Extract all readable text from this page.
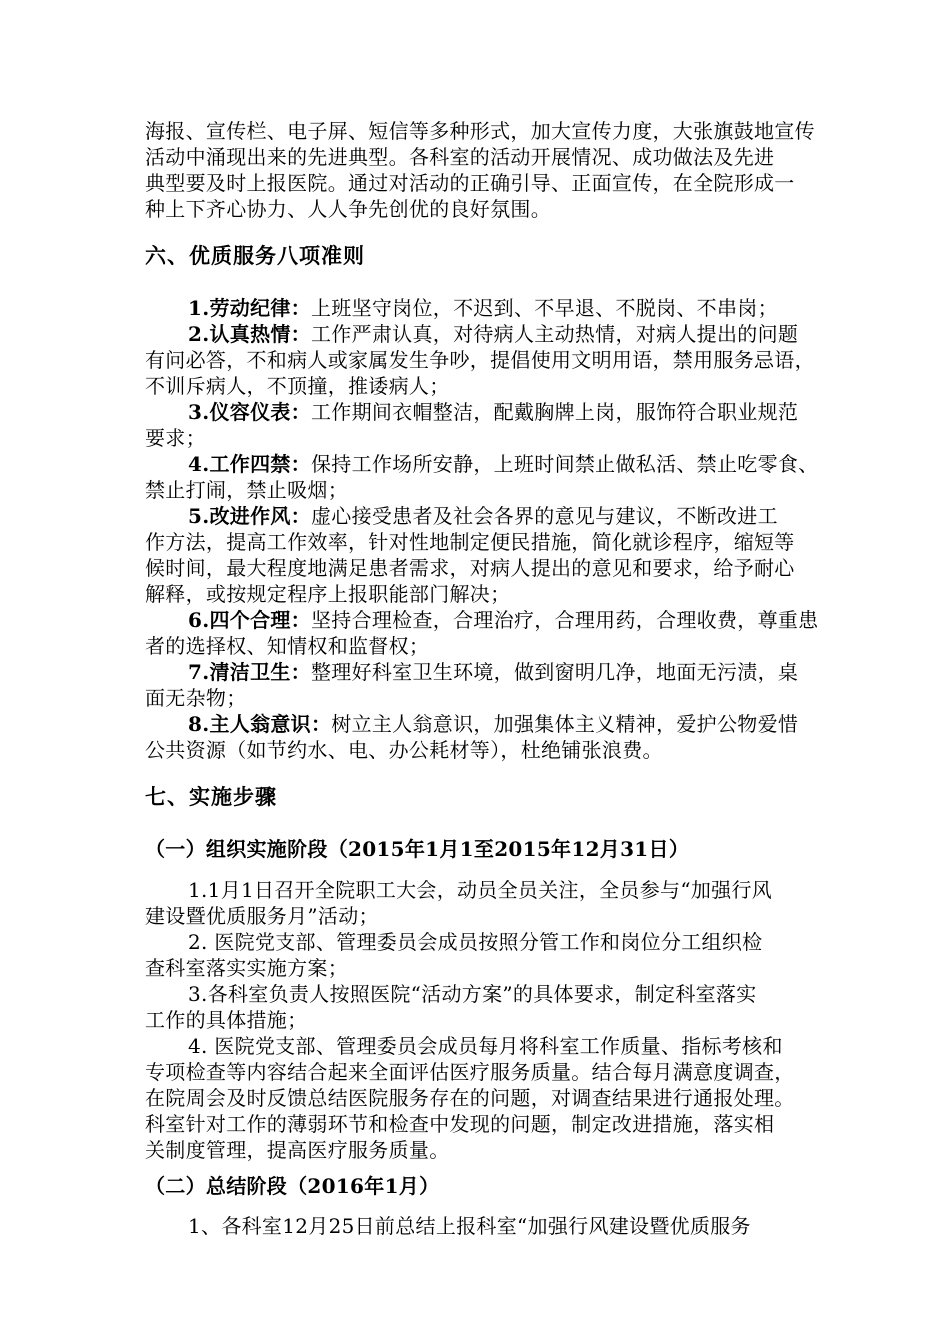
海报、宣传栏、电子屏、短信等多种形式，加大宣传力度，大张旗鼓地宣传
活动中涌现出来的先进典型。各科室的活动开展情况、成功做法及先进
典型要及时上报医院。通过对活动的正确引导、正面宣传，在全院形成一
种上下齐心协力、人人争先创优的良好氛围。
六、优质服务八项准则
1.劳动纪律：上班坚守岗位，不迟到、不早退、不脱岗、不串岗；
2.认真热情：工作严肃认真，对待病人主动热情，对病人提出的问题
有问必答，不和病人或家属发生争吵，提倡使用文明用语，禁用服务忌语，
不训斥病人，不顶撞，推诿病人；
3.仪容仪表：工作期间衣帽整洁，配戴胸牌上岗，服饰符合职业规范
要求；
4.工作四禁：保持工作场所安静，上班时间禁止做私活、禁止吃零食、
禁止打闹，禁止吸烟；
5.改进作风：虚心接受患者及社会各界的意见与建议，不断改进工
作方法，提高工作效率，针对性地制定便民措施，简化就诊程序，缩短等
候时间，最大程度地满足患者需求，对病人提出的意见和要求，给予耐心
解释，或按规定程序上报职能部门解决；
6.四个合理：坚持合理检查，合理治疗，合理用药，合理收费，尊重患
者的选择权、知情权和监督权；
7.清洁卫生：整理好科室卫生环境，做到窗明几净，地面无污渍，桌
面无杂物；
8.主人翁意识：树立主人翁意识，加强集体主义精神，爱护公物爱惜
公共资源（如节约水、电、办公耗材等），杜绝铺张浪费。
七、实施步骤
（一）组织实施阶段（2015年1月1至2015年12月31日）
1.1月1日召开全院职工大会，动员全员关注，全员参与“加强行风
建设暨优质服务月”活动；
2. 医院党支部、管理委员会成员按照分管工作和岗位分工组织检
查科室落实实施方案；
3.各科室负责人按照医院“活动方案”的具体要求，制定科室落实
工作的具体措施；
4. 医院党支部、管理委员会成员每月将科室工作质量、指标考核和
专项检查等内容结合起来全面评估医疗服务质量。结合每月满意度调查，
在院周会及时反馈总结医院服务存在的问题，对调查结果进行通报处理。
科室针对工作的薄弱环节和检查中发现的问题，制定改进措施，落实相
关制度管理，提高医疗服务质量。
（二）总结阶段（2016年1月）
1、各科室12月25日前总结上报科室“加强行风建设暨优质服务
